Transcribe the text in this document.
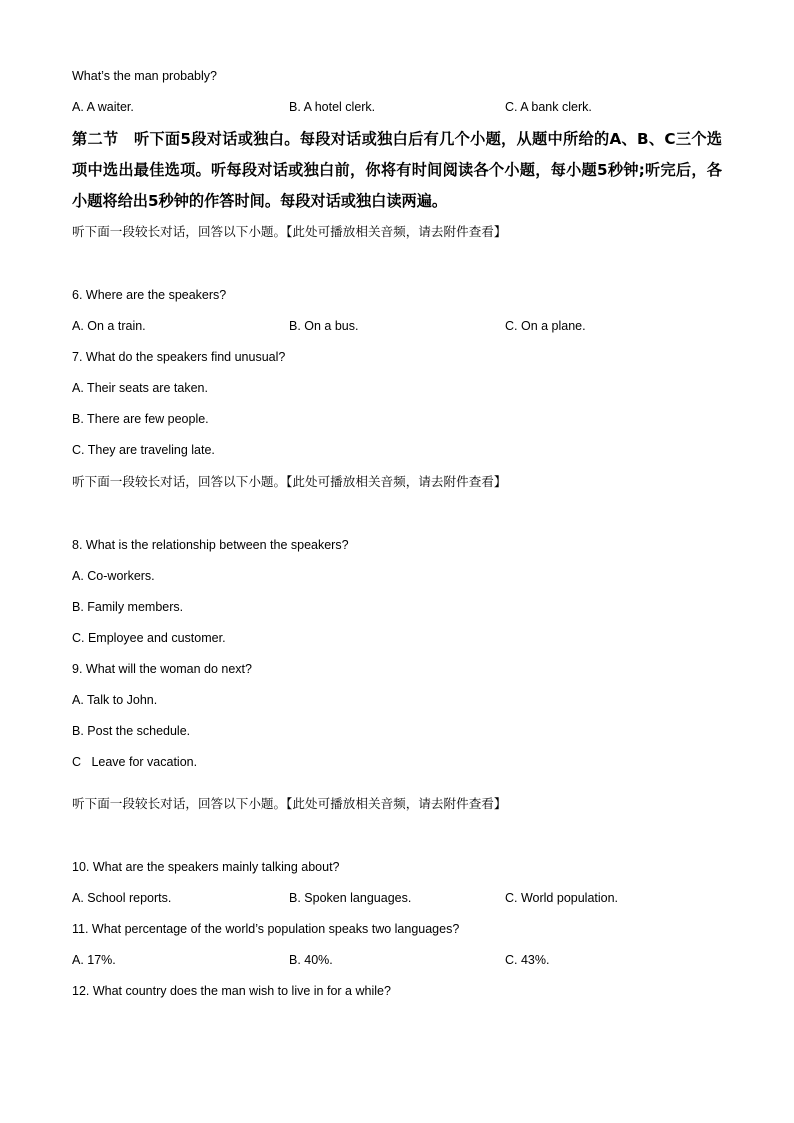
What’s the man probably?
A. A waiter.	B. A hotel clerk.	C. A bank clerk.
第二节　听下面5段对话或独白。每段对话或独白后有几个小题，从题中所给的A、B、C三个选项中选出最佳选项。听每段对话或独白前，你将有时间阅读各个小题，每小题5秒钟;听完后，各小题将给出5秒钟的作答时间。每段对话或独白读两遍。
听下面一段较长对话，回答以下小题。【此处可播放相关音频，请去附件查看】
6. Where are the speakers?
A. On a train.	B. On a bus.	C. On a plane.
7. What do the speakers find unusual?
A. Their seats are taken.
B. There are few people.
C. They are traveling late.
听下面一段较长对话，回答以下小题。【此处可播放相关音频，请去附件查看】
8. What is the relationship between the speakers?
A. Co-workers.
B. Family members.
C. Employee and customer.
9. What will the woman do next?
A. Talk to John.
B. Post the schedule.
C   Leave for vacation.
听下面一段较长对话，回答以下小题。【此处可播放相关音频，请去附件查看】
10. What are the speakers mainly talking about?
A. School reports.	B. Spoken languages.	C. World population.
11. What percentage of the world’s population speaks two languages?
A. 17%.	B. 40%.	C. 43%.
12. What country does the man wish to live in for a while?
